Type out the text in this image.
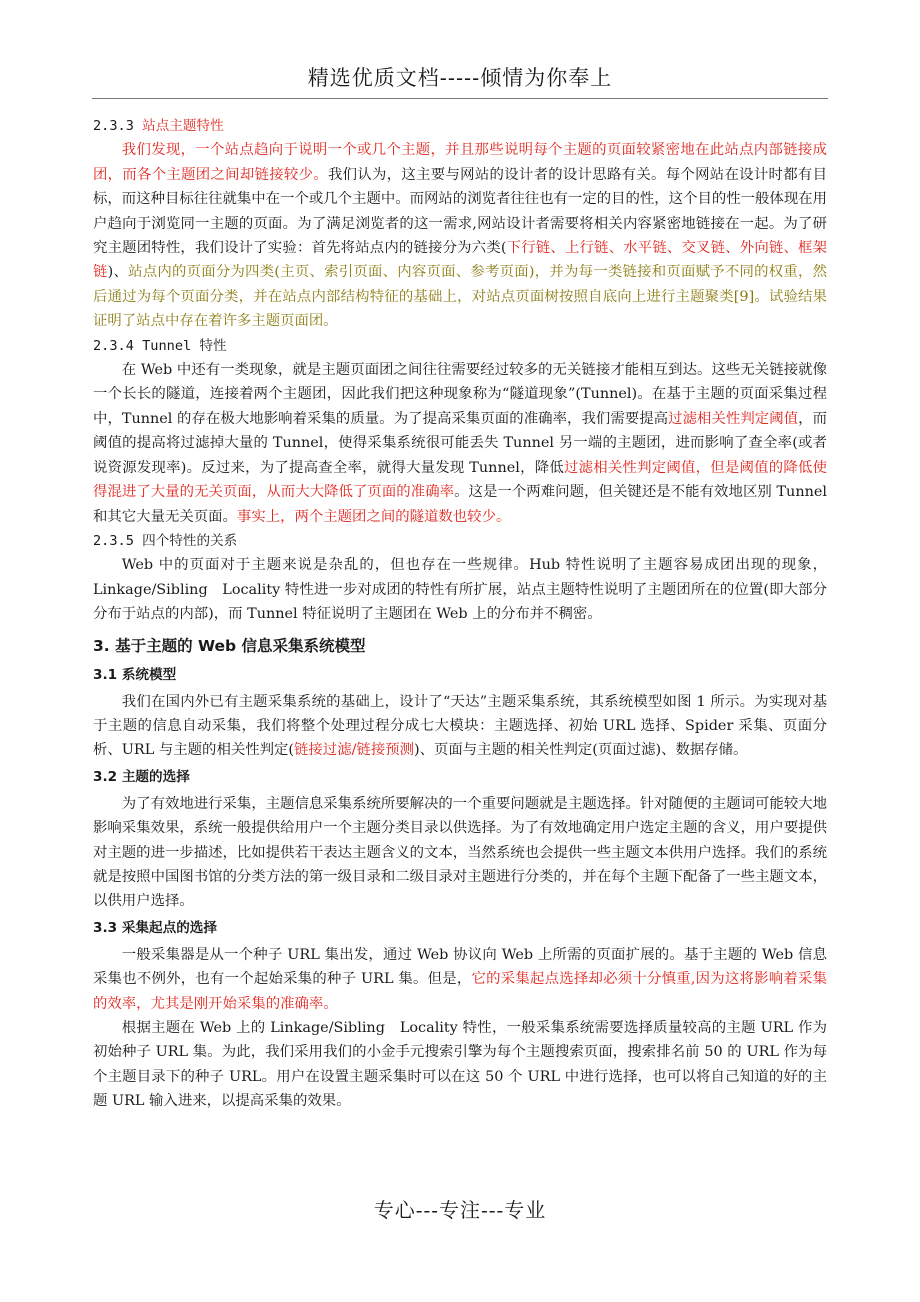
精选优质文档-----倾情为你奉上
2.3.3 站点主题特性

我们发现，一个站点趋向于说明一个或几个主题，并且那些说明每个主题的页面较紧密地在此站点内部链接成团，而各个主题团之间却链接较少。我们认为，这主要与网站的设计者的设计思路有关。每个网站在设计时都有目标，而这种目标往往就集中在一个或几个主题中。而网站的浏览者往往也有一定的目的性，这个目的性一般体现在用户趋向于浏览同一主题的页面。为了满足浏览者的这一需求,网站设计者需要将相关内容紧密地链接在一起。为了研究主题团特性，我们设计了实验：首先将站点内的链接分为六类(下行链、上行链、水平链、交叉链、外向链、框架链)、站点内的页面分为四类(主页、索引页面、内容页面、参考页面)，并为每一类链接和页面赋予不同的权重，然后通过为每个页面分类，并在站点内部结构特征的基础上，对站点页面树按照自底向上进行主题聚类[9]。试验结果证明了站点中存在着许多主题页面团。

2.3.4 Tunnel 特性

在 Web 中还有一类现象，就是主题页面团之间往往需要经过较多的无关链接才能相互到达。这些无关链接就像一个长长的隧道，连接着两个主题团，因此我们把这种现象称为“隧道现象”(Tunnel)。在基于主题的页面采集过程中，Tunnel 的存在极大地影响着采集的质量。为了提高采集页面的准确率，我们需要提高过滤相关性判定阈值，而阈值的提高将过滤掉大量的 Tunnel，使得采集系统很可能丢失 Tunnel 另一端的主题团，进而影响了查全率(或者说资源发现率)。反过来，为了提高查全率，就得大量发现 Tunnel，降低过滤相关性判定阈值，但是阈值的降低使得混进了大量的无关页面，从而大大降低了页面的准确率。这是一个两难问题，但关键还是不能有效地区别 Tunnel 和其它大量无关页面。事实上，两个主题团之间的隧道数也较少。

2.3.5 四个特性的关系

Web 中的页面对于主题来说是杂乱的，但也存在一些规律。Hub 特性说明了主题容易成团出现的现象，Linkage/Sibling　Locality 特性进一步对成团的特性有所扩展，站点主题特性说明了主题团所在的位置(即大部分分布于站点的内部)，而 Tunnel 特征说明了主题团在 Web 上的分布并不稠密。

3. 基于主题的 Web 信息采集系统模型
3.1 系统模型

我们在国内外已有主题采集系统的基础上，设计了“天达”主题采集系统，其系统模型如图 1 所示。为实现对基于主题的信息自动采集，我们将整个处理过程分成七大模块：主题选择、初始 URL 选择、Spider 采集、页面分析、URL 与主题的相关性判定(链接过滤/链接预测)、页面与主题的相关性判定(页面过滤)、数据存储。

3.2 主题的选择

为了有效地进行采集，主题信息采集系统所要解决的一个重要问题就是主题选择。针对随便的主题词可能较大地影响采集效果，系统一般提供给用户一个主题分类目录以供选择。为了有效地确定用户选定主题的含义，用户要提供对主题的进一步描述，比如提供若干表达主题含义的文本，当然系统也会提供一些主题文本供用户选择。我们的系统就是按照中国图书馆的分类方法的第一级目录和二级目录对主题进行分类的，并在每个主题下配备了一些主题文本，以供用户选择。

3.3 采集起点的选择

一般采集器是从一个种子 URL 集出发，通过 Web 协议向 Web 上所需的页面扩展的。基于主题的 Web 信息采集也不例外，也有一个起始采集的种子 URL 集。但是，它的采集起点选择却必须十分慎重,因为这将影响着采集的效率，尤其是刚开始采集的准确率。

根据主题在 Web 上的 Linkage/Sibling　Locality 特性，一般采集系统需要选择质量较高的主题 URL 作为初始种子 URL 集。为此，我们采用我们的小金手元搜索引擎为每个主题搜索页面，搜索排名前 50 的 URL 作为每个主题目录下的种子 URL。用户在设置主题采集时可以在这 50 个 URL 中进行选择，也可以将自己知道的好的主题 URL 输入进来，以提高采集的效果。

专心---专注---专业
